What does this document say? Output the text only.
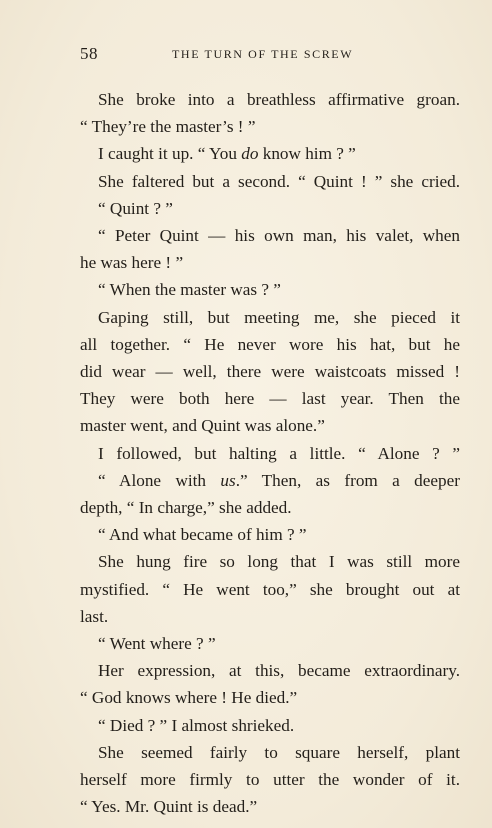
58	THE TURN OF THE SCREW
She broke into a breathless affirmative groan.
“ They’re the master’s ! ”
I caught it up. “ You do know him ? ”
She faltered but a second. “ Quint ! ” she cried.
“ Quint ? ”
“ Peter Quint — his own man, his valet, when
he was here ! ”
“ When the master was ? ”
Gaping still, but meeting me, she pieced it
all together. “ He never wore his hat, but he
did wear — well, there were waistcoats missed !
They were both here — last year. Then the
master went, and Quint was alone.”
I followed, but halting a little. “ Alone ? ”
“ Alone with us.” Then, as from a deeper
depth, “ In charge,” she added.
“ And what became of him ? ”
She hung fire so long that I was still more
mystified. “ He went too,” she brought out at
last.
“ Went where ? ”
Her expression, at this, became extraordinary.
“ God knows where ! He died.”
“ Died ? ” I almost shrieked.
She seemed fairly to square herself, plant
herself more firmly to utter the wonder of it.
“ Yes. Mr. Quint is dead.”
